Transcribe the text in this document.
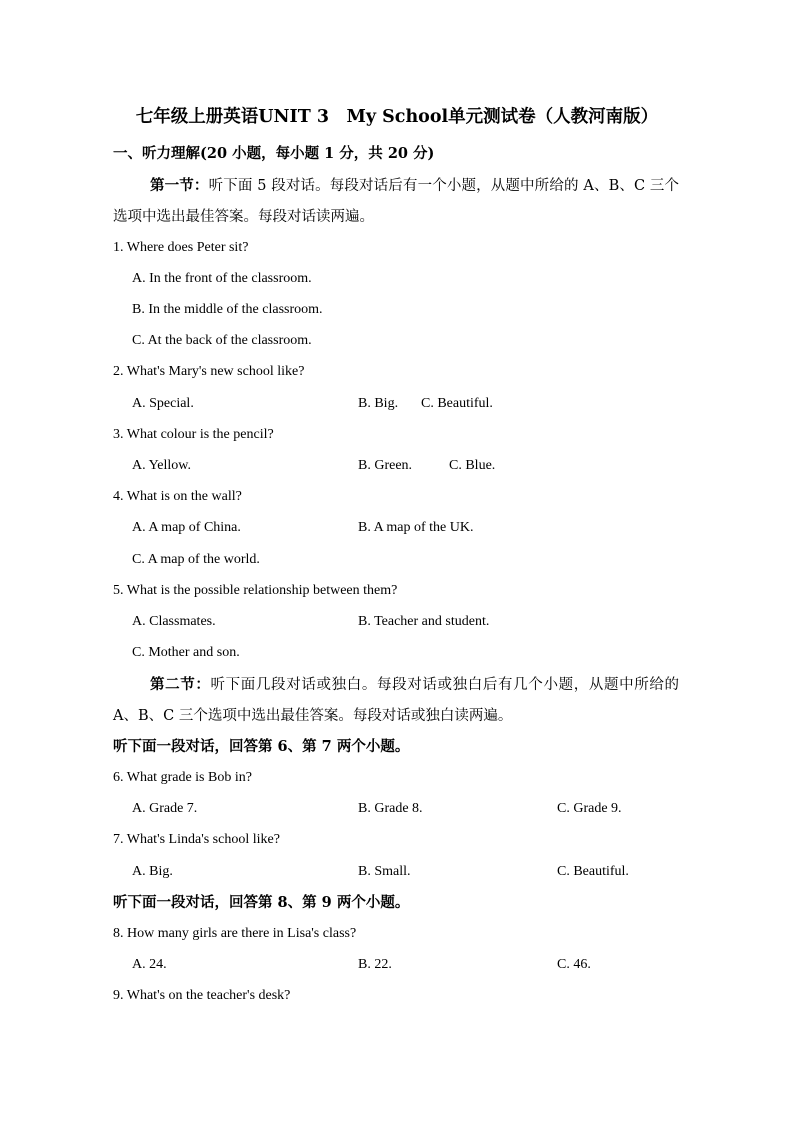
七年级上册英语UNIT 3　My School单元测试卷（人教河南版）
一、听力理解(20 小题，每小题 1 分，共 20 分)
第一节：听下面 5 段对话。每段对话后有一个小题，从题中所给的 A、B、C 三个选项中选出最佳答案。每段对话读两遍。
1. Where does Peter sit?
A. In the front of the classroom.
B. In the middle of the classroom.
C. At the back of the classroom.
2. What's Mary's new school like?
A. Special.	B. Big. C. Beautiful.
3. What colour is the pencil?
A. Yellow.	B. Green.	C. Blue.
4. What is on the wall?
A. A map of China.	B. A map of the UK.
C. A map of the world.
5. What is the possible relationship between them?
A. Classmates.	B. Teacher and student.
C. Mother and son.
第二节：听下面几段对话或独白。每段对话或独白后有几个小题，从题中所给的 A、B、C 三个选项中选出最佳答案。每段对话或独白读两遍。
听下面一段对话，回答第 6、第 7 两个小题。
6. What grade is Bob in?
A. Grade 7.	B. Grade 8.	C. Grade 9.
7. What's Linda's school like?
A. Big.	B. Small.	C. Beautiful.
听下面一段对话，回答第 8、第 9 两个小题。
8. How many girls are there in Lisa's class?
A. 24.	B. 22.	C. 46.
9. What's on the teacher's desk?
